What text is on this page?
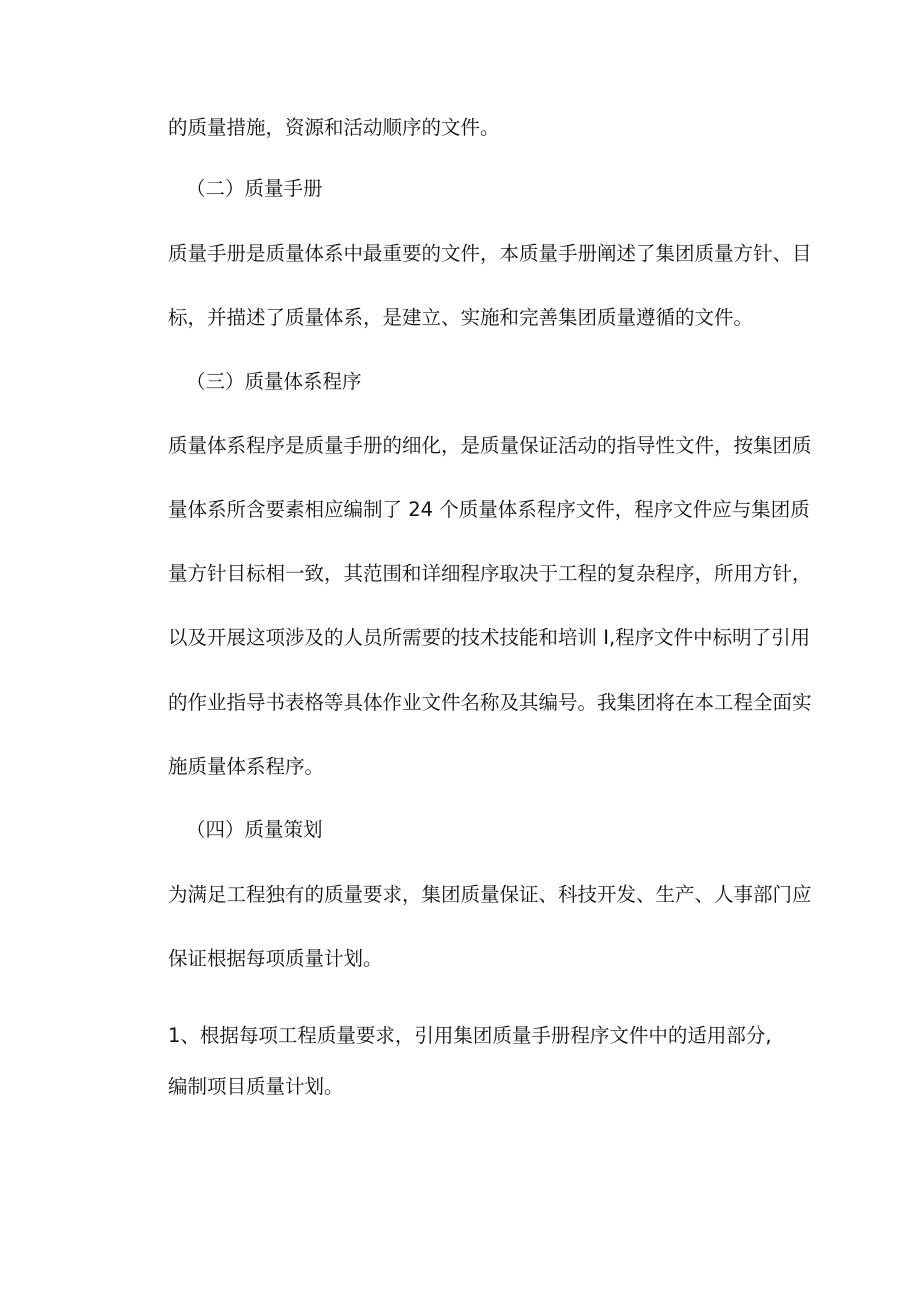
的质量措施，资源和活动顺序的文件。
（二）质量手册
质量手册是质量体系中最重要的文件，本质量手册阐述了集团质量方针、目
标，并描述了质量体系，是建立、实施和完善集团质量遵循的文件。
（三）质量体系程序
质量体系程序是质量手册的细化，是质量保证活动的指导性文件，按集团质
量体系所含要素相应编制了 24 个质量体系程序文件，程序文件应与集团质
量方针目标相一致，其范围和详细程序取决于工程的复杂程序，所用方针，
以及开展这项涉及的人员所需要的技术技能和培训 I,程序文件中标明了引用
的作业指导书表格等具体作业文件名称及其编号。我集团将在本工程全面实
施质量体系程序。
（四）质量策划
为满足工程独有的质量要求，集团质量保证、科技开发、生产、人事部门应
保证根据每项质量计划。
1、根据每项工程质量要求，引用集团质量手册程序文件中的适用部分,
编制项目质量计划。
